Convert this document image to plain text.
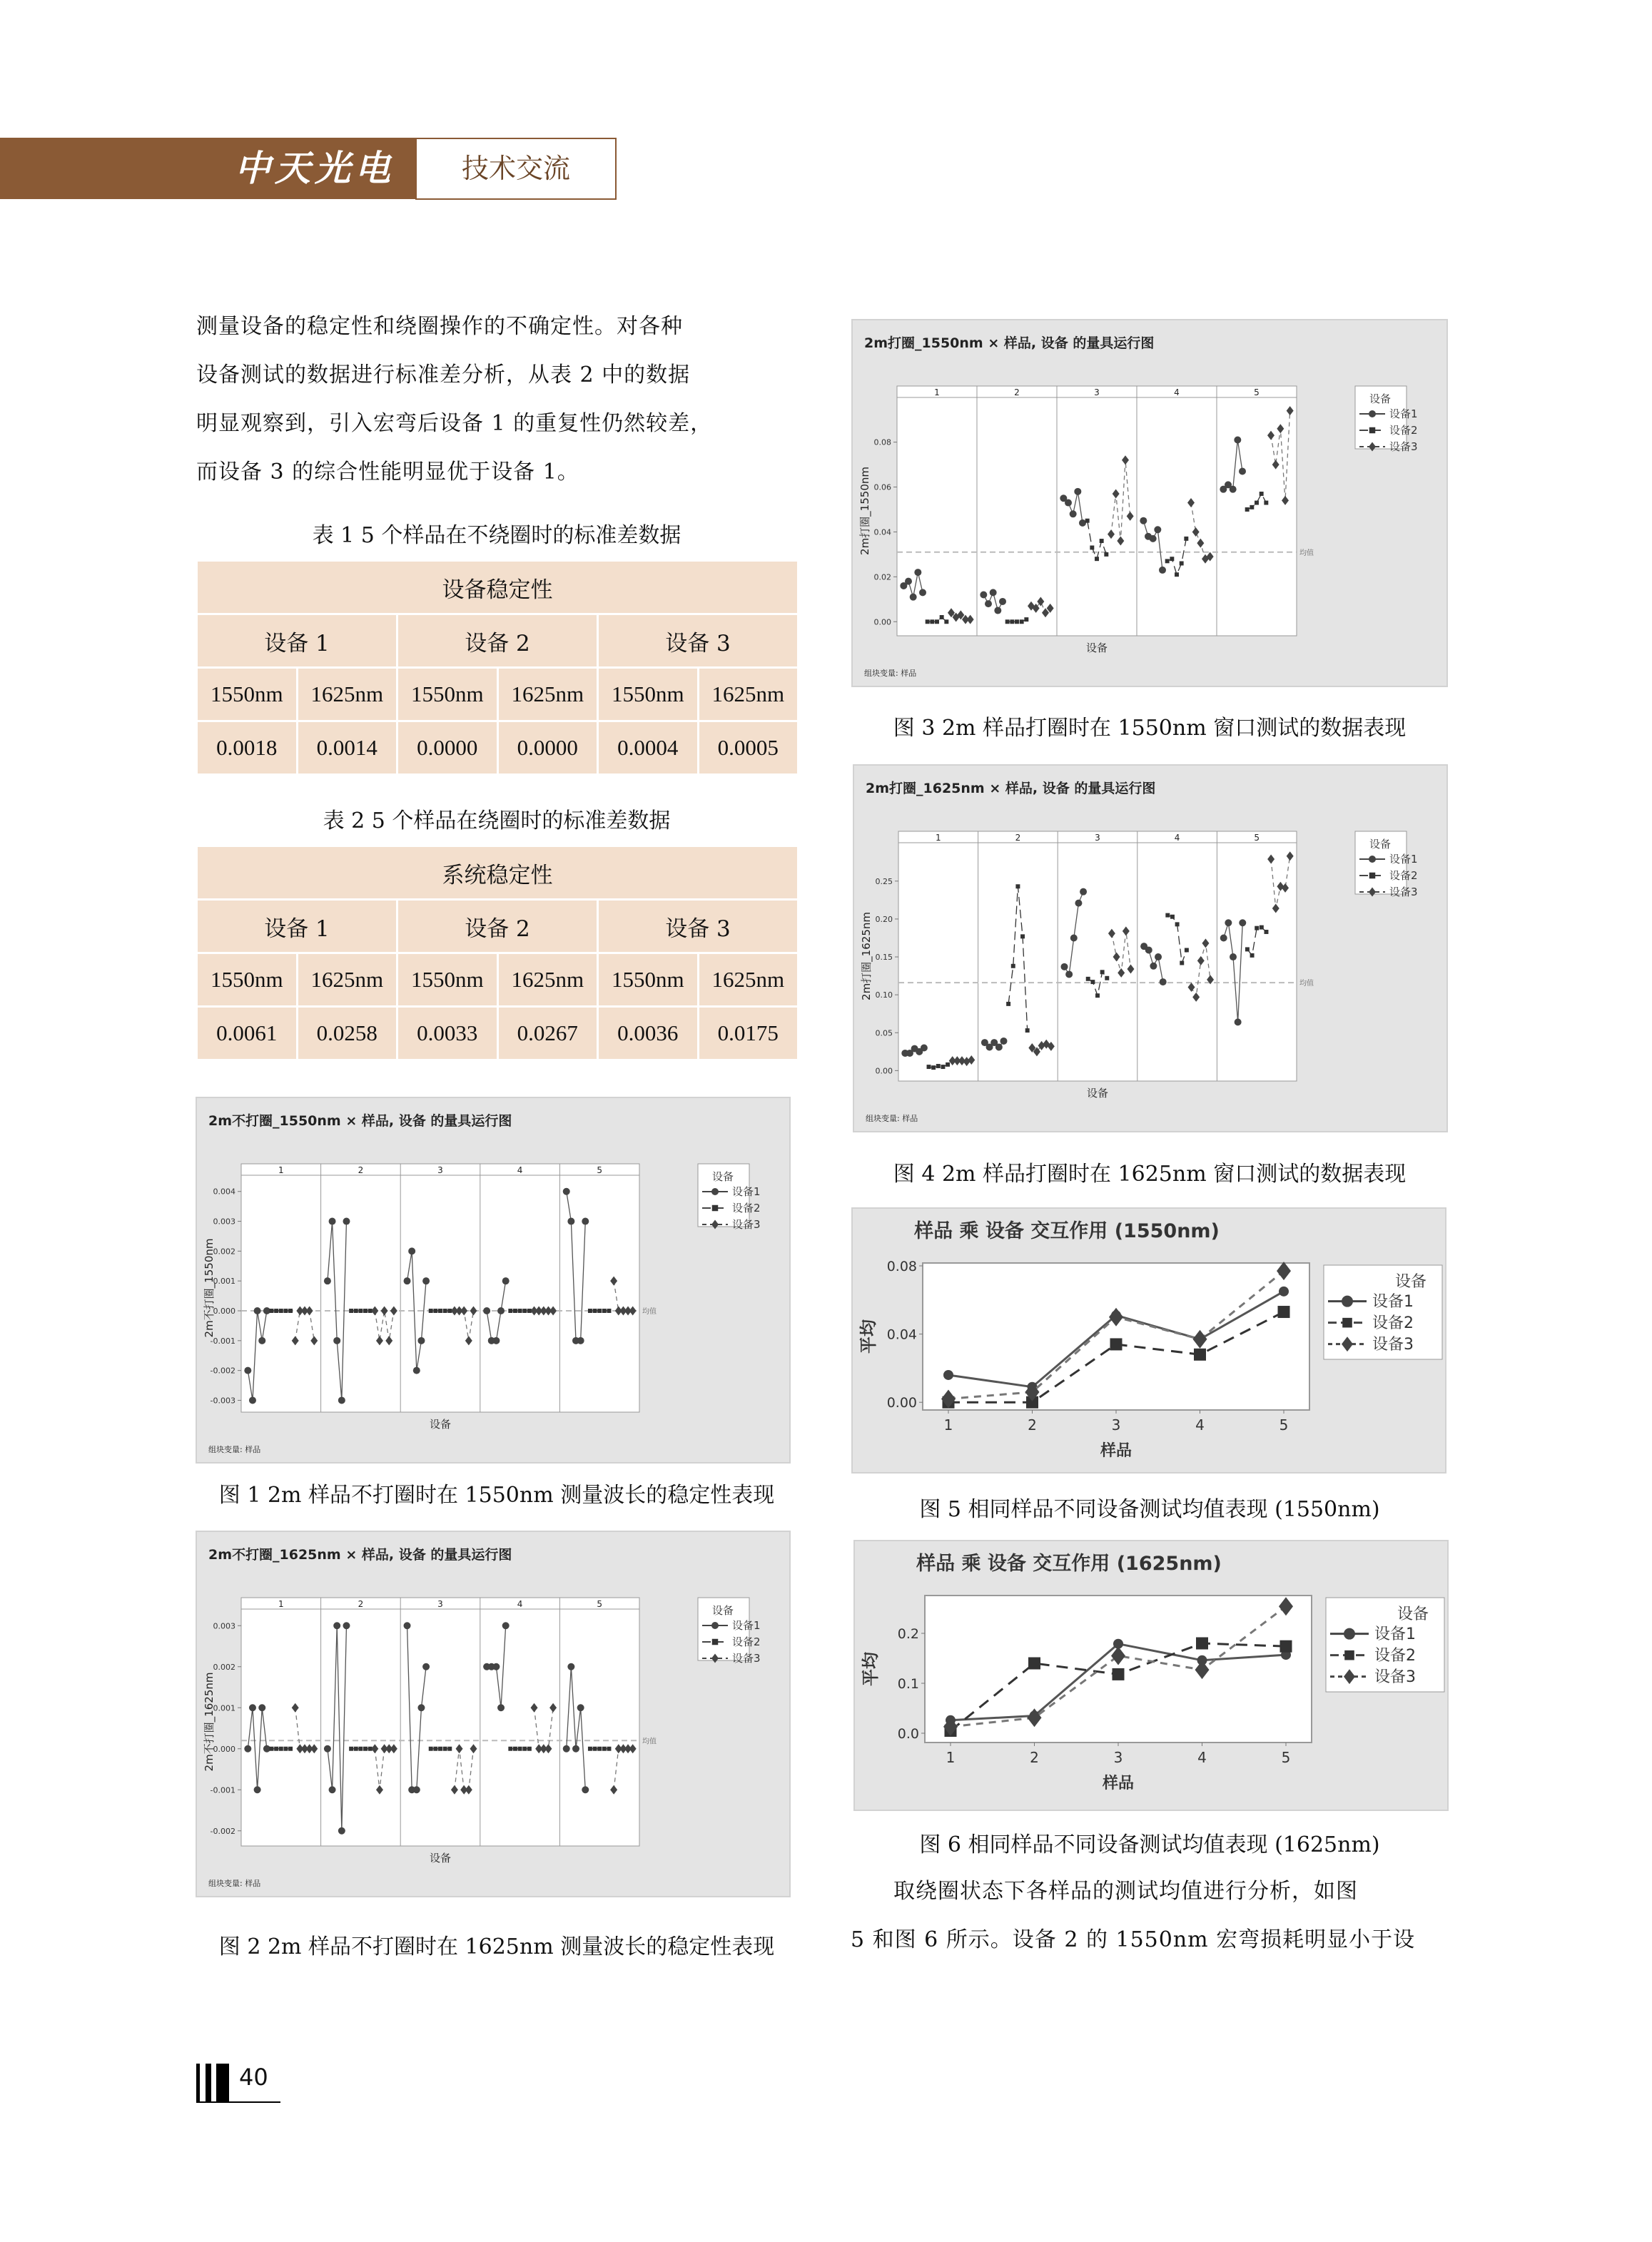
中天光电	技术交流
测量设备的稳定性和绕圈操作的不确定性。对各种
设备测试的数据进行标准差分析，从表 2 中的数据
明显观察到，引入宏弯后设备 1 的重复性仍然较差，
而设备 3 的综合性能明显优于设备 1。
表 1 5 个样品在不绕圈时的标准差数据
设备稳定性					
设备 1		设备 2		设备 3	
1550nm	1625nm	1550nm	1625nm	1550nm	1625nm
0.0018	0.0014	0.0000	0.0000	0.0004	0.0005
表 2 5 个样品在绕圈时的标准差数据
系统稳定性					
设备 1		设备 2		设备 3	
1550nm	1625nm	1550nm	1625nm	1550nm	1625nm
0.0061	0.0258	0.0033	0.0267	0.0036	0.0175
2m不打圈_1550nm × 样品, 设备 的量具运行图
-0.003
-0.002
-0.001
0.000
0.001
0.002
0.003
0.004
1	2	3	4	5
均值
设备
组块变量: 样品
2m不打圈_1550nm
设备
设备1
设备2
设备3
图 1 2m 样品不打圈时在 1550nm 测量波长的稳定性表现
2m不打圈_1625nm × 样品, 设备 的量具运行图
-0.002
-0.001
0.000
0.001
0.002
0.003
1	2	3	4	5
均值
设备
组块变量: 样品
2m不打圈_1625nm
设备
设备1
设备2
设备3
图 2 2m 样品不打圈时在 1625nm 测量波长的稳定性表现
2m打圈_1550nm × 样品, 设备 的量具运行图
0.00
0.02
0.04
0.06
0.08
1	2	3	4	5
均值
设备
组块变量: 样品
2m打圈_1550nm
设备
设备1
设备2
设备3
图 3 2m 样品打圈时在 1550nm 窗口测试的数据表现
2m打圈_1625nm × 样品, 设备 的量具运行图
0.00
0.05
0.10
0.15
0.20
0.25
1	2	3	4	5
均值
设备
组块变量: 样品
2m打圈_1625nm
设备
设备1
设备2
设备3
图 4 2m 样品打圈时在 1625nm 窗口测试的数据表现
样品 乘 设备 交互作用 (1550nm)
0.00
0.04
0.08
1	2	3	4	5
样品
平均
设备
设备1
设备2
设备3
图 5 相同样品不同设备测试均值表现 (1550nm)
样品 乘 设备 交互作用 (1625nm)
0.0
0.1
0.2
1	2	3	4	5
样品
平均
设备
设备1
设备2
设备3
图 6 相同样品不同设备测试均值表现 (1625nm)
取绕圈状态下各样品的测试均值进行分析，如图
5 和图 6 所示。设备 2 的 1550nm 宏弯损耗明显小于设
40
